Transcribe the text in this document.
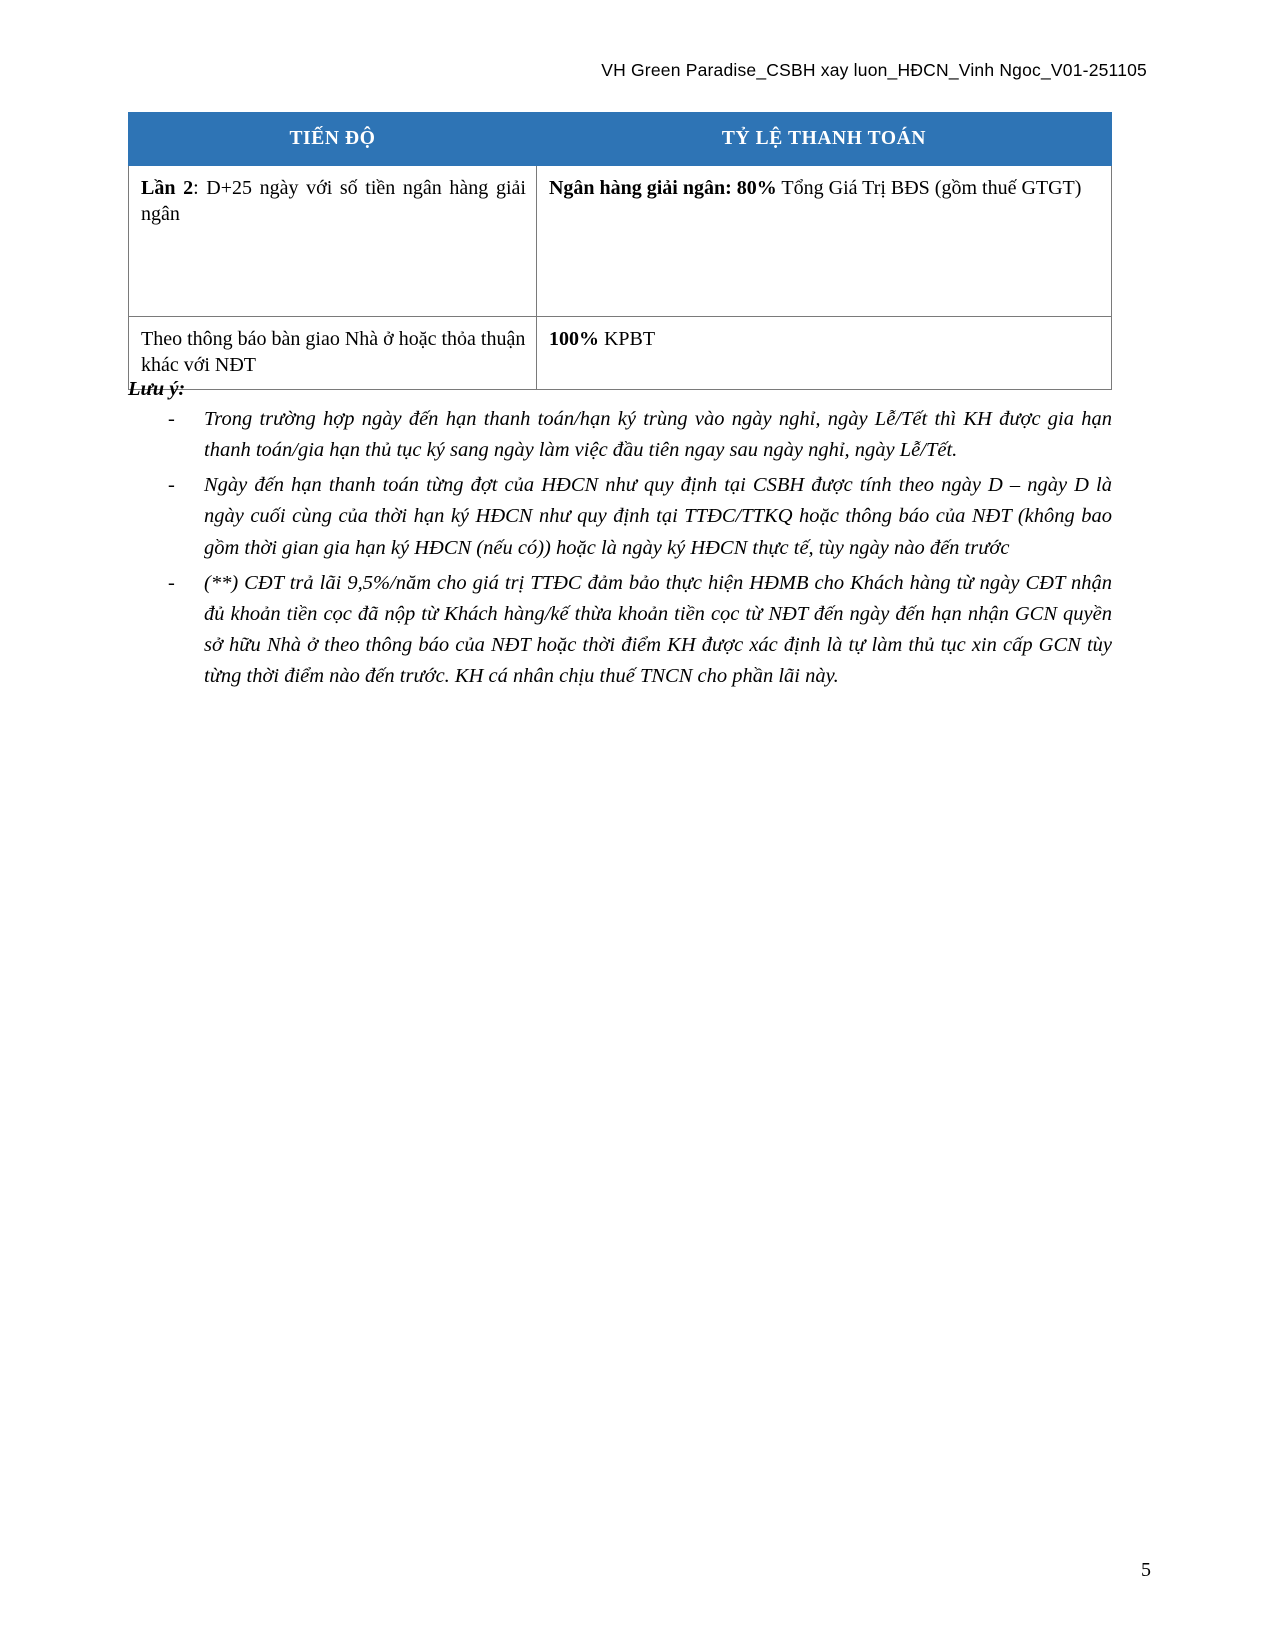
VH Green Paradise_CSBH xay luon_HĐCN_Vinh Ngoc_V01-251105
TIẾN ĐỘ	TỶ LỆ THANH TOÁN
Lần 2: D+25 ngày với số tiền ngân hàng giải ngân	Ngân hàng giải ngân: 80% Tổng Giá Trị BĐS (gồm thuế GTGT)
Theo thông báo bàn giao Nhà ở hoặc thỏa thuận khác với NĐT	100% KPBT
Lưu ý:
-	Trong trường hợp ngày đến hạn thanh toán/hạn ký trùng vào ngày nghỉ, ngày Lễ/Tết thì KH được gia hạn thanh toán/gia hạn thủ tục ký sang ngày làm việc đầu tiên ngay sau ngày nghỉ, ngày Lễ/Tết.
-	Ngày đến hạn thanh toán từng đợt của HĐCN như quy định tại CSBH được tính theo ngày D – ngày D là ngày cuối cùng của thời hạn ký HĐCN như quy định tại TTĐC/TTKQ hoặc thông báo của NĐT (không bao gồm thời gian gia hạn ký HĐCN (nếu có)) hoặc là ngày ký HĐCN thực tế, tùy ngày nào đến trước
-	(**) CĐT trả lãi 9,5%/năm cho giá trị TTĐC đảm bảo thực hiện HĐMB cho Khách hàng từ ngày CĐT nhận đủ khoản tiền cọc đã nộp từ Khách hàng/kế thừa khoản tiền cọc từ NĐT đến ngày đến hạn nhận GCN quyền sở hữu Nhà ở theo thông báo của NĐT hoặc thời điểm KH được xác định là tự làm thủ tục xin cấp GCN tùy từng thời điểm nào đến trước. KH cá nhân chịu thuế TNCN cho phần lãi này.
5
